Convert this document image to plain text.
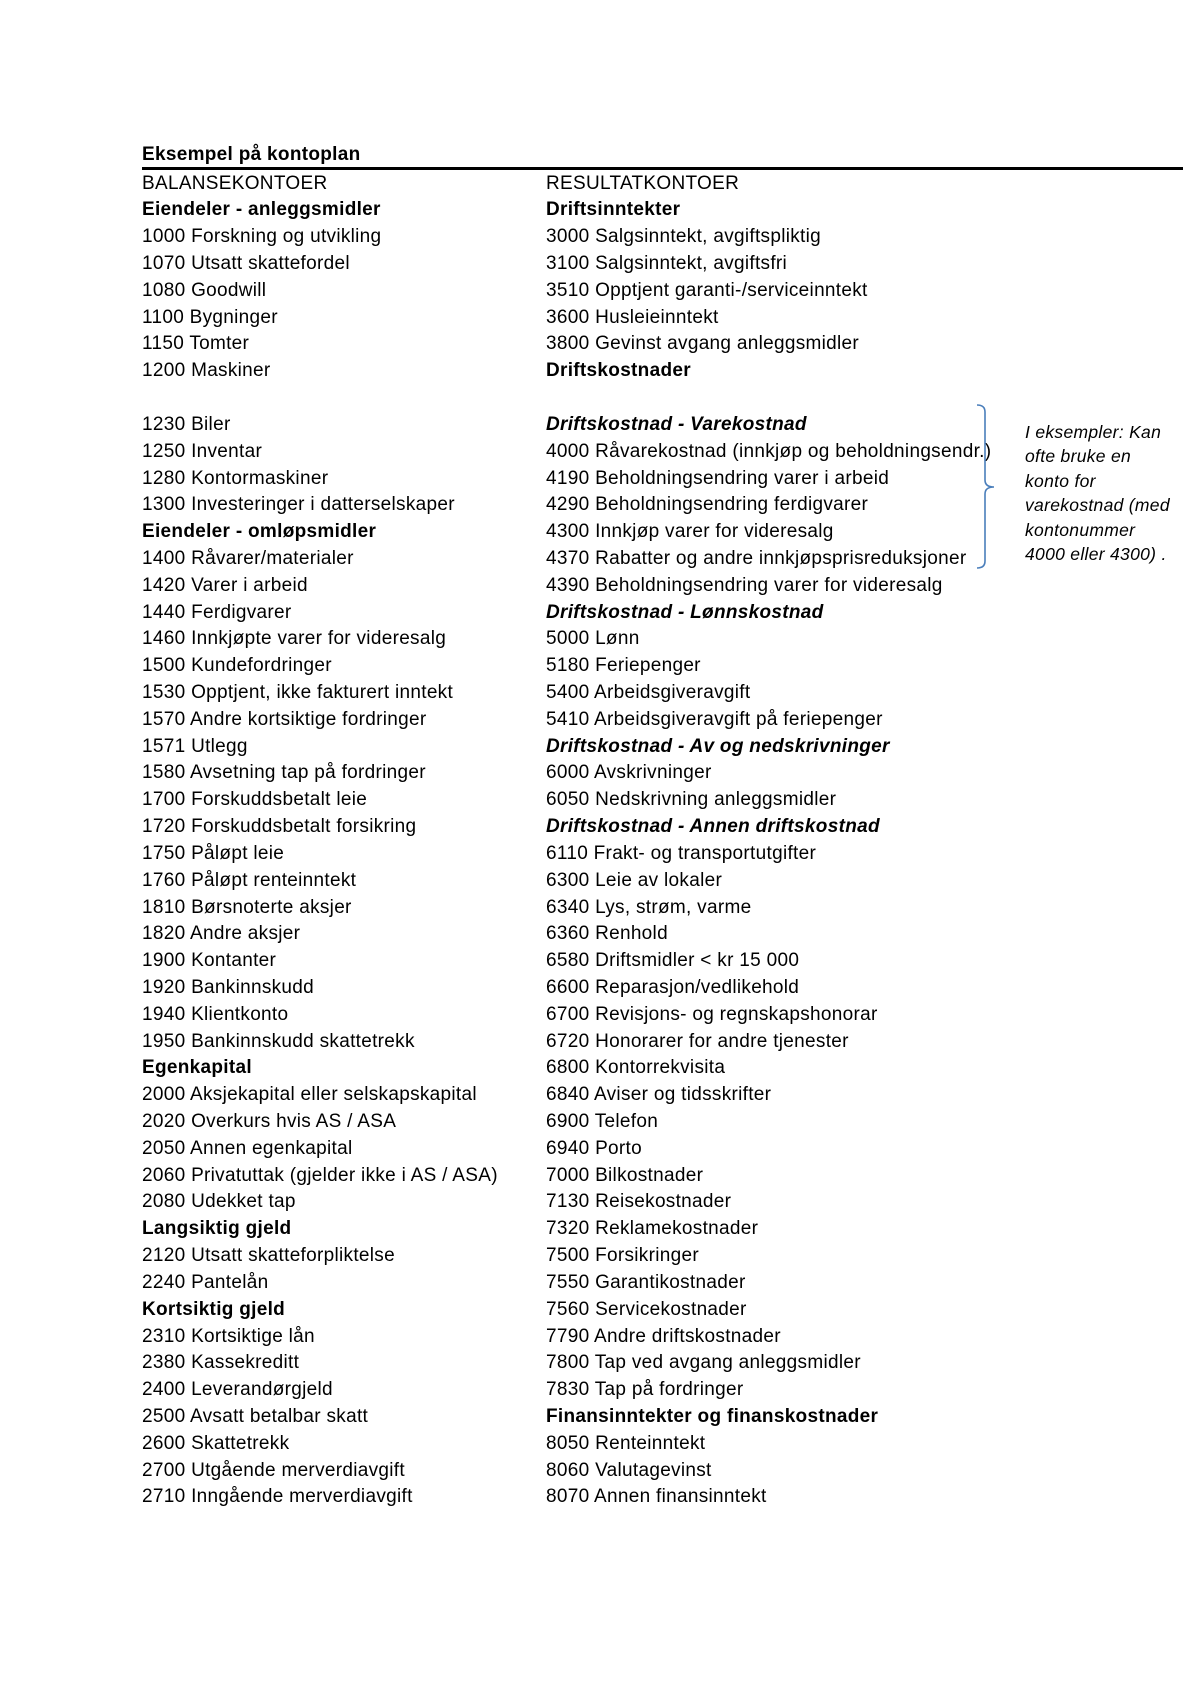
Eksempel på kontoplan
BALANSEKONTOER	RESULTATKONTOER
Eiendeler - anleggsmidler	Driftsinntekter
1000 Forskning og utvikling	3000 Salgsinntekt, avgiftspliktig
1070 Utsatt skattefordel	3100 Salgsinntekt, avgiftsfri
1080 Goodwill	3510 Opptjent garanti-/serviceinntekt
1100 Bygninger	3600 Husleieinntekt
1150 Tomter	3800 Gevinst avgang anleggsmidler
1200 Maskiner	Driftskostnader
1230 Biler	Driftskostnad - Varekostnad
1250 Inventar	4000 Råvarekostnad (innkjøp og beholdningsendr.)
1280 Kontormaskiner	4190 Beholdningsendring varer i arbeid
1300 Investeringer i datterselskaper	4290 Beholdningsendring ferdigvarer
Eiendeler - omløpsmidler	4300 Innkjøp varer for videresalg
1400 Råvarer/materialer	4370 Rabatter og andre innkjøpsprisreduksjoner
1420 Varer i arbeid	4390 Beholdningsendring varer for videresalg
1440 Ferdigvarer	Driftskostnad - Lønnskostnad
1460 Innkjøpte varer for videresalg	5000 Lønn
1500 Kundefordringer	5180 Feriepenger
1530 Opptjent, ikke fakturert inntekt	5400 Arbeidsgiveravgift
1570 Andre kortsiktige fordringer	5410 Arbeidsgiveravgift på feriepenger
1571 Utlegg	Driftskostnad - Av og nedskrivninger
1580 Avsetning tap på fordringer	6000 Avskrivninger
1700 Forskuddsbetalt leie	6050 Nedskrivning anleggsmidler
1720 Forskuddsbetalt forsikring	Driftskostnad - Annen driftskostnad
1750 Påløpt leie	6110 Frakt- og transportutgifter
1760 Påløpt renteinntekt	6300 Leie av lokaler
1810 Børsnoterte aksjer	6340 Lys, strøm, varme
1820 Andre aksjer	6360 Renhold
1900 Kontanter	6580 Driftsmidler < kr 15 000
1920 Bankinnskudd	6600 Reparasjon/vedlikehold
1940 Klientkonto	6700 Revisjons- og regnskapshonorar
1950 Bankinnskudd skattetrekk	6720 Honorarer for andre tjenester
Egenkapital	6800 Kontorrekvisita
2000 Aksjekapital eller selskapskapital	6840 Aviser og tidsskrifter
2020 Overkurs hvis AS / ASA	6900 Telefon
2050 Annen egenkapital	6940 Porto
2060 Privatuttak (gjelder ikke i AS / ASA)	7000 Bilkostnader
2080 Udekket tap	7130 Reisekostnader
Langsiktig gjeld	7320 Reklamekostnader
2120 Utsatt skatteforpliktelse	7500 Forsikringer
2240 Pantelån	7550 Garantikostnader
Kortsiktig gjeld	7560 Servicekostnader
2310 Kortsiktige lån	7790 Andre driftskostnader
2380 Kassekreditt	7800 Tap ved avgang anleggsmidler
2400 Leverandørgjeld	7830 Tap på fordringer
2500 Avsatt betalbar skatt	Finansinntekter og finanskostnader
2600 Skattetrekk	8050 Renteinntekt
2700 Utgående merverdiavgift	8060 Valutagevinst
2710 Inngående merverdiavgift	8070 Annen finansinntekt
I eksempler: Kan
ofte bruke en
konto for
varekostnad (med
kontonummer
4000 eller 4300) .
